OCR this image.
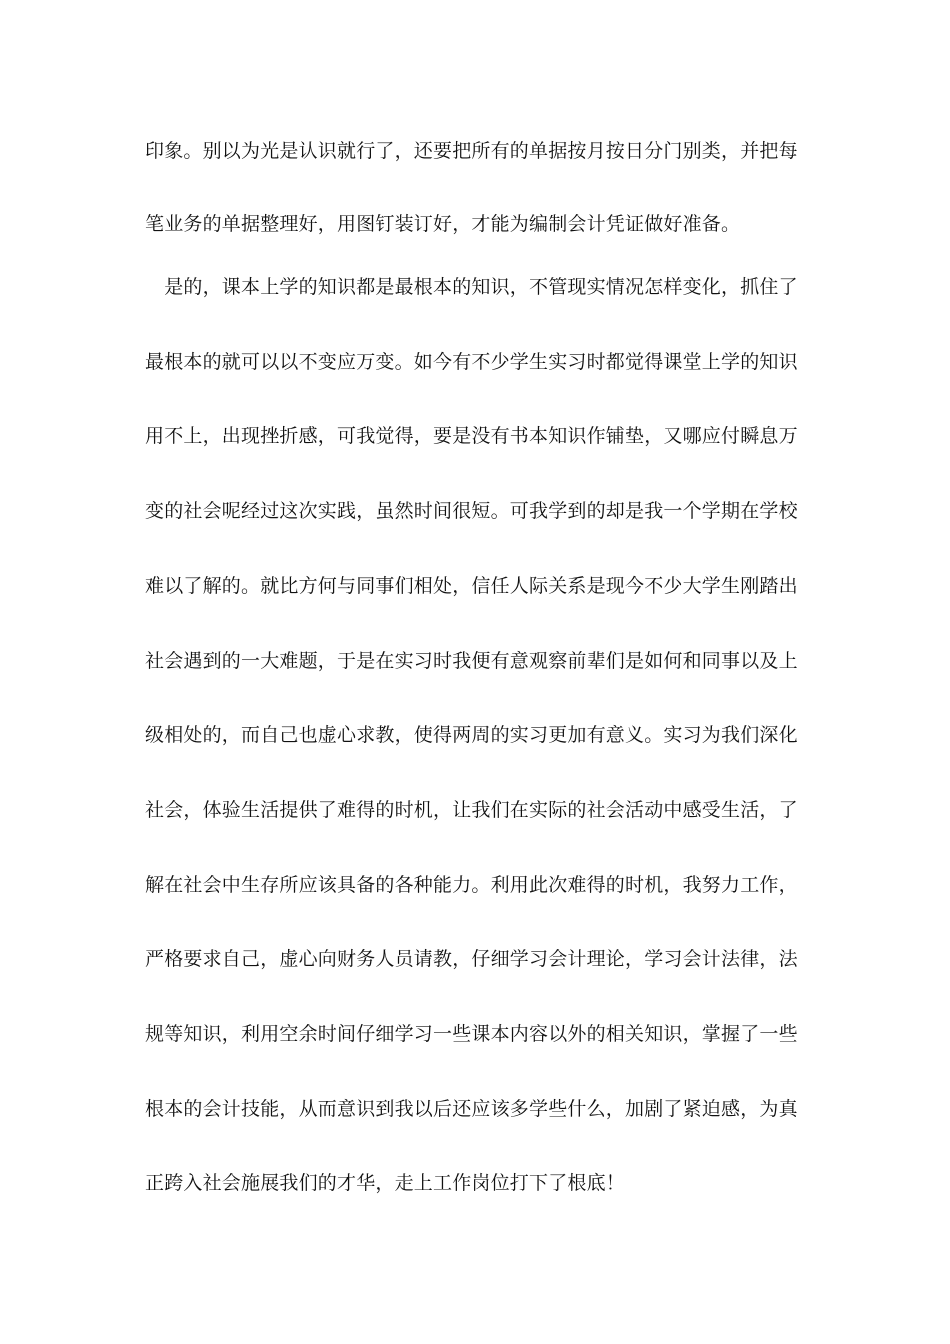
印象。别以为光是认识就行了，还要把所有的单据按月按日分门别类，并把每
笔业务的单据整理好，用图钉装订好，才能为编制会计凭证做好准备。
　是的，课本上学的知识都是最根本的知识，不管现实情况怎样变化，抓住了
最根本的就可以以不变应万变。如今有不少学生实习时都觉得课堂上学的知识
用不上，出现挫折感，可我觉得，要是没有书本知识作铺垫，又哪应付瞬息万
变的社会呢经过这次实践，虽然时间很短。可我学到的却是我一个学期在学校
难以了解的。就比方何与同事们相处，信任人际关系是现今不少大学生刚踏出
社会遇到的一大难题，于是在实习时我便有意观察前辈们是如何和同事以及上
级相处的，而自己也虚心求教，使得两周的实习更加有意义。实习为我们深化
社会，体验生活提供了难得的时机，让我们在实际的社会活动中感受生活，了
解在社会中生存所应该具备的各种能力。利用此次难得的时机，我努力工作，
严格要求自己，虚心向财务人员请教，仔细学习会计理论，学习会计法律，法
规等知识，利用空余时间仔细学习一些课本内容以外的相关知识，掌握了一些
根本的会计技能，从而意识到我以后还应该多学些什么，加剧了紧迫感，为真
正跨入社会施展我们的才华，走上工作岗位打下了根底！
